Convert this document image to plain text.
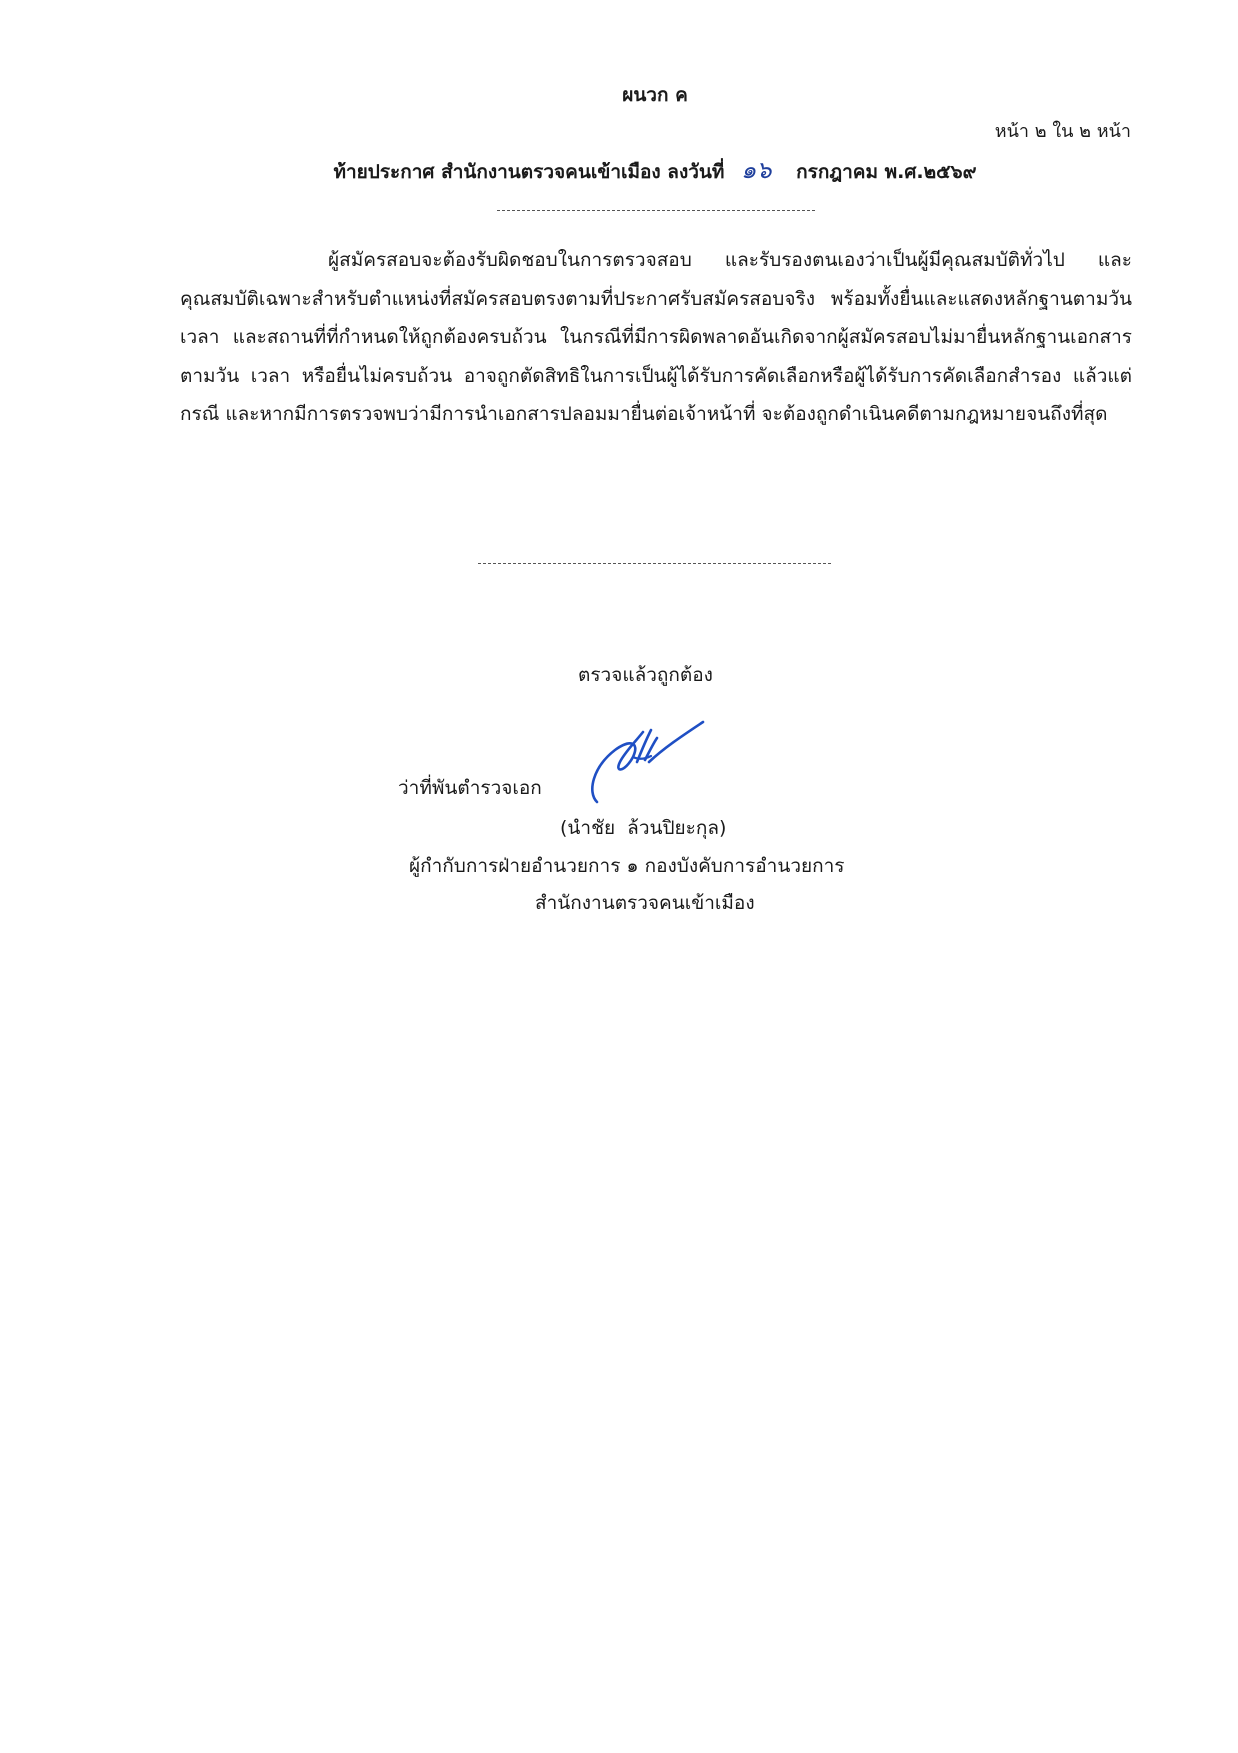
ผนวก ค
หน้า ๒ ใน ๒ หน้า
ท้ายประกาศ สำนักงานตรวจคนเข้าเมือง ลงวันที่ ๑๖ กรกฎาคม พ.ศ.๒๕๖๙
ผู้สมัครสอบจะต้องรับผิดชอบในการตรวจสอบ และรับรองตนเองว่าเป็นผู้มีคุณสมบัติทั่วไป และคุณสมบัติเฉพาะสำหรับตำแหน่งที่สมัครสอบตรงตามที่ประกาศรับสมัครสอบจริง พร้อมทั้งยื่นและแสดงหลักฐานตามวัน เวลา และสถานที่ที่กำหนดให้ถูกต้องครบถ้วน ในกรณีที่มีการผิดพลาดอันเกิดจากผู้สมัครสอบไม่มายื่นหลักฐานเอกสารตามวัน เวลา หรือยื่นไม่ครบถ้วน อาจถูกตัดสิทธิในการเป็นผู้ได้รับการคัดเลือกหรือผู้ได้รับการคัดเลือกสำรอง แล้วแต่กรณี และหากมีการตรวจพบว่ามีการนำเอกสารปลอมมายื่นต่อเจ้าหน้าที่ จะต้องถูกดำเนินคดีตามกฎหมายจนถึงที่สุด
ตรวจแล้วถูกต้อง
ว่าที่พันตำรวจเอก
(นำชัย  ล้วนปิยะกุล)
ผู้กำกับการฝ่ายอำนวยการ ๑ กองบังคับการอำนวยการ
สำนักงานตรวจคนเข้าเมือง
